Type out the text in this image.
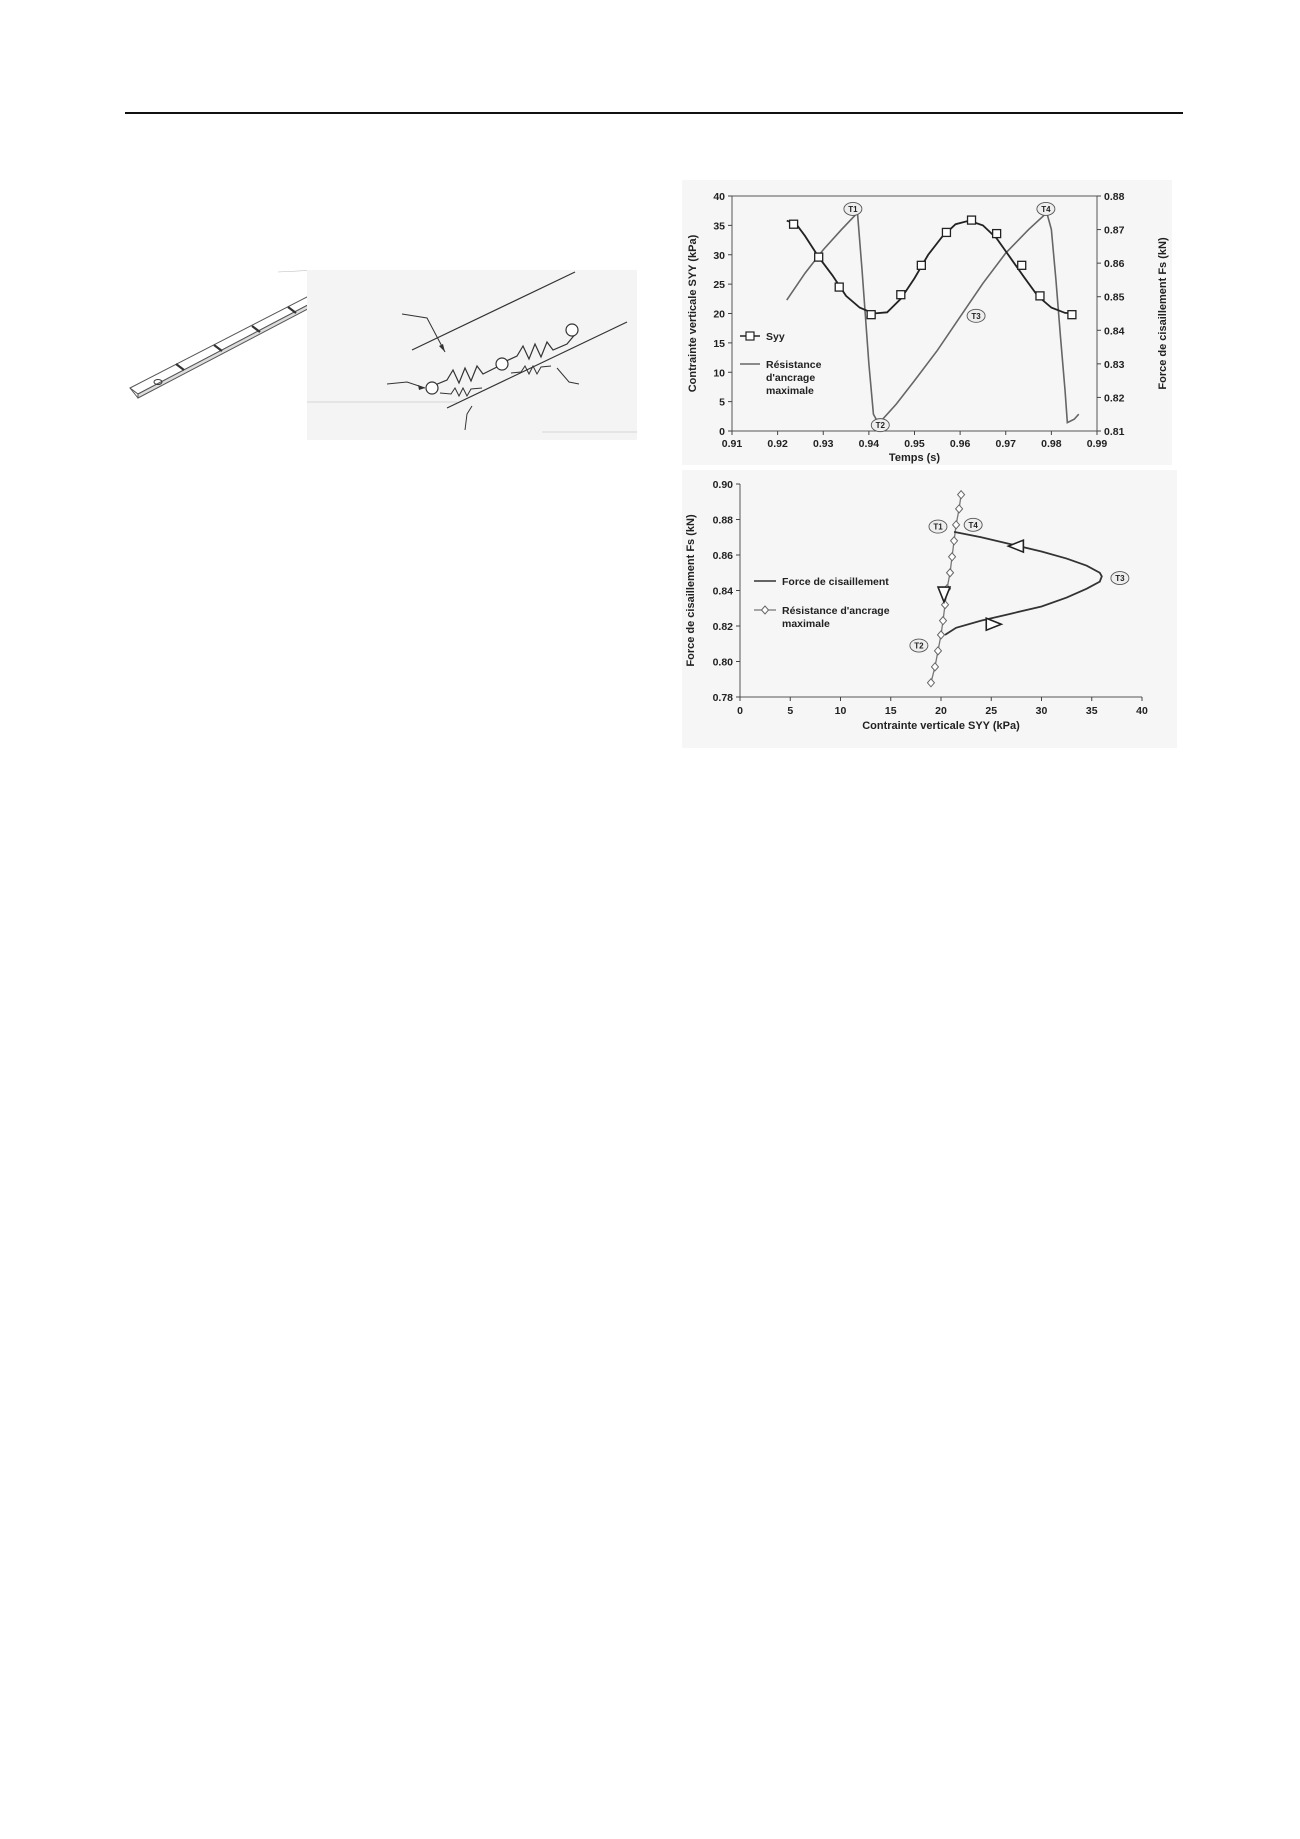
0.91 0.92 0.93 0.94 0.95 0.96 0.97 0.98 0.99
0
5
10
15
20
25
30
35
40
0.81
0.82
0.83
0.84
0.85
0.86
0.87
0.88
Temps (s)
Contrainte verticale SYY (kPa)	Force de cisaillement Fs (kN)
T1
T2
T3
T4
Syy
Résistance
d'ancrage
maximale
0	5	10	15	20	25	30	35	40
0.78
0.80
0.82
0.84
0.86
0.88
0.90
Contrainte verticale SYY (kPa)
Force de cisaillement Fs (kN)	T1	T4
T2
T3
Force de cisaillement
Résistance d'ancrage
maximale
